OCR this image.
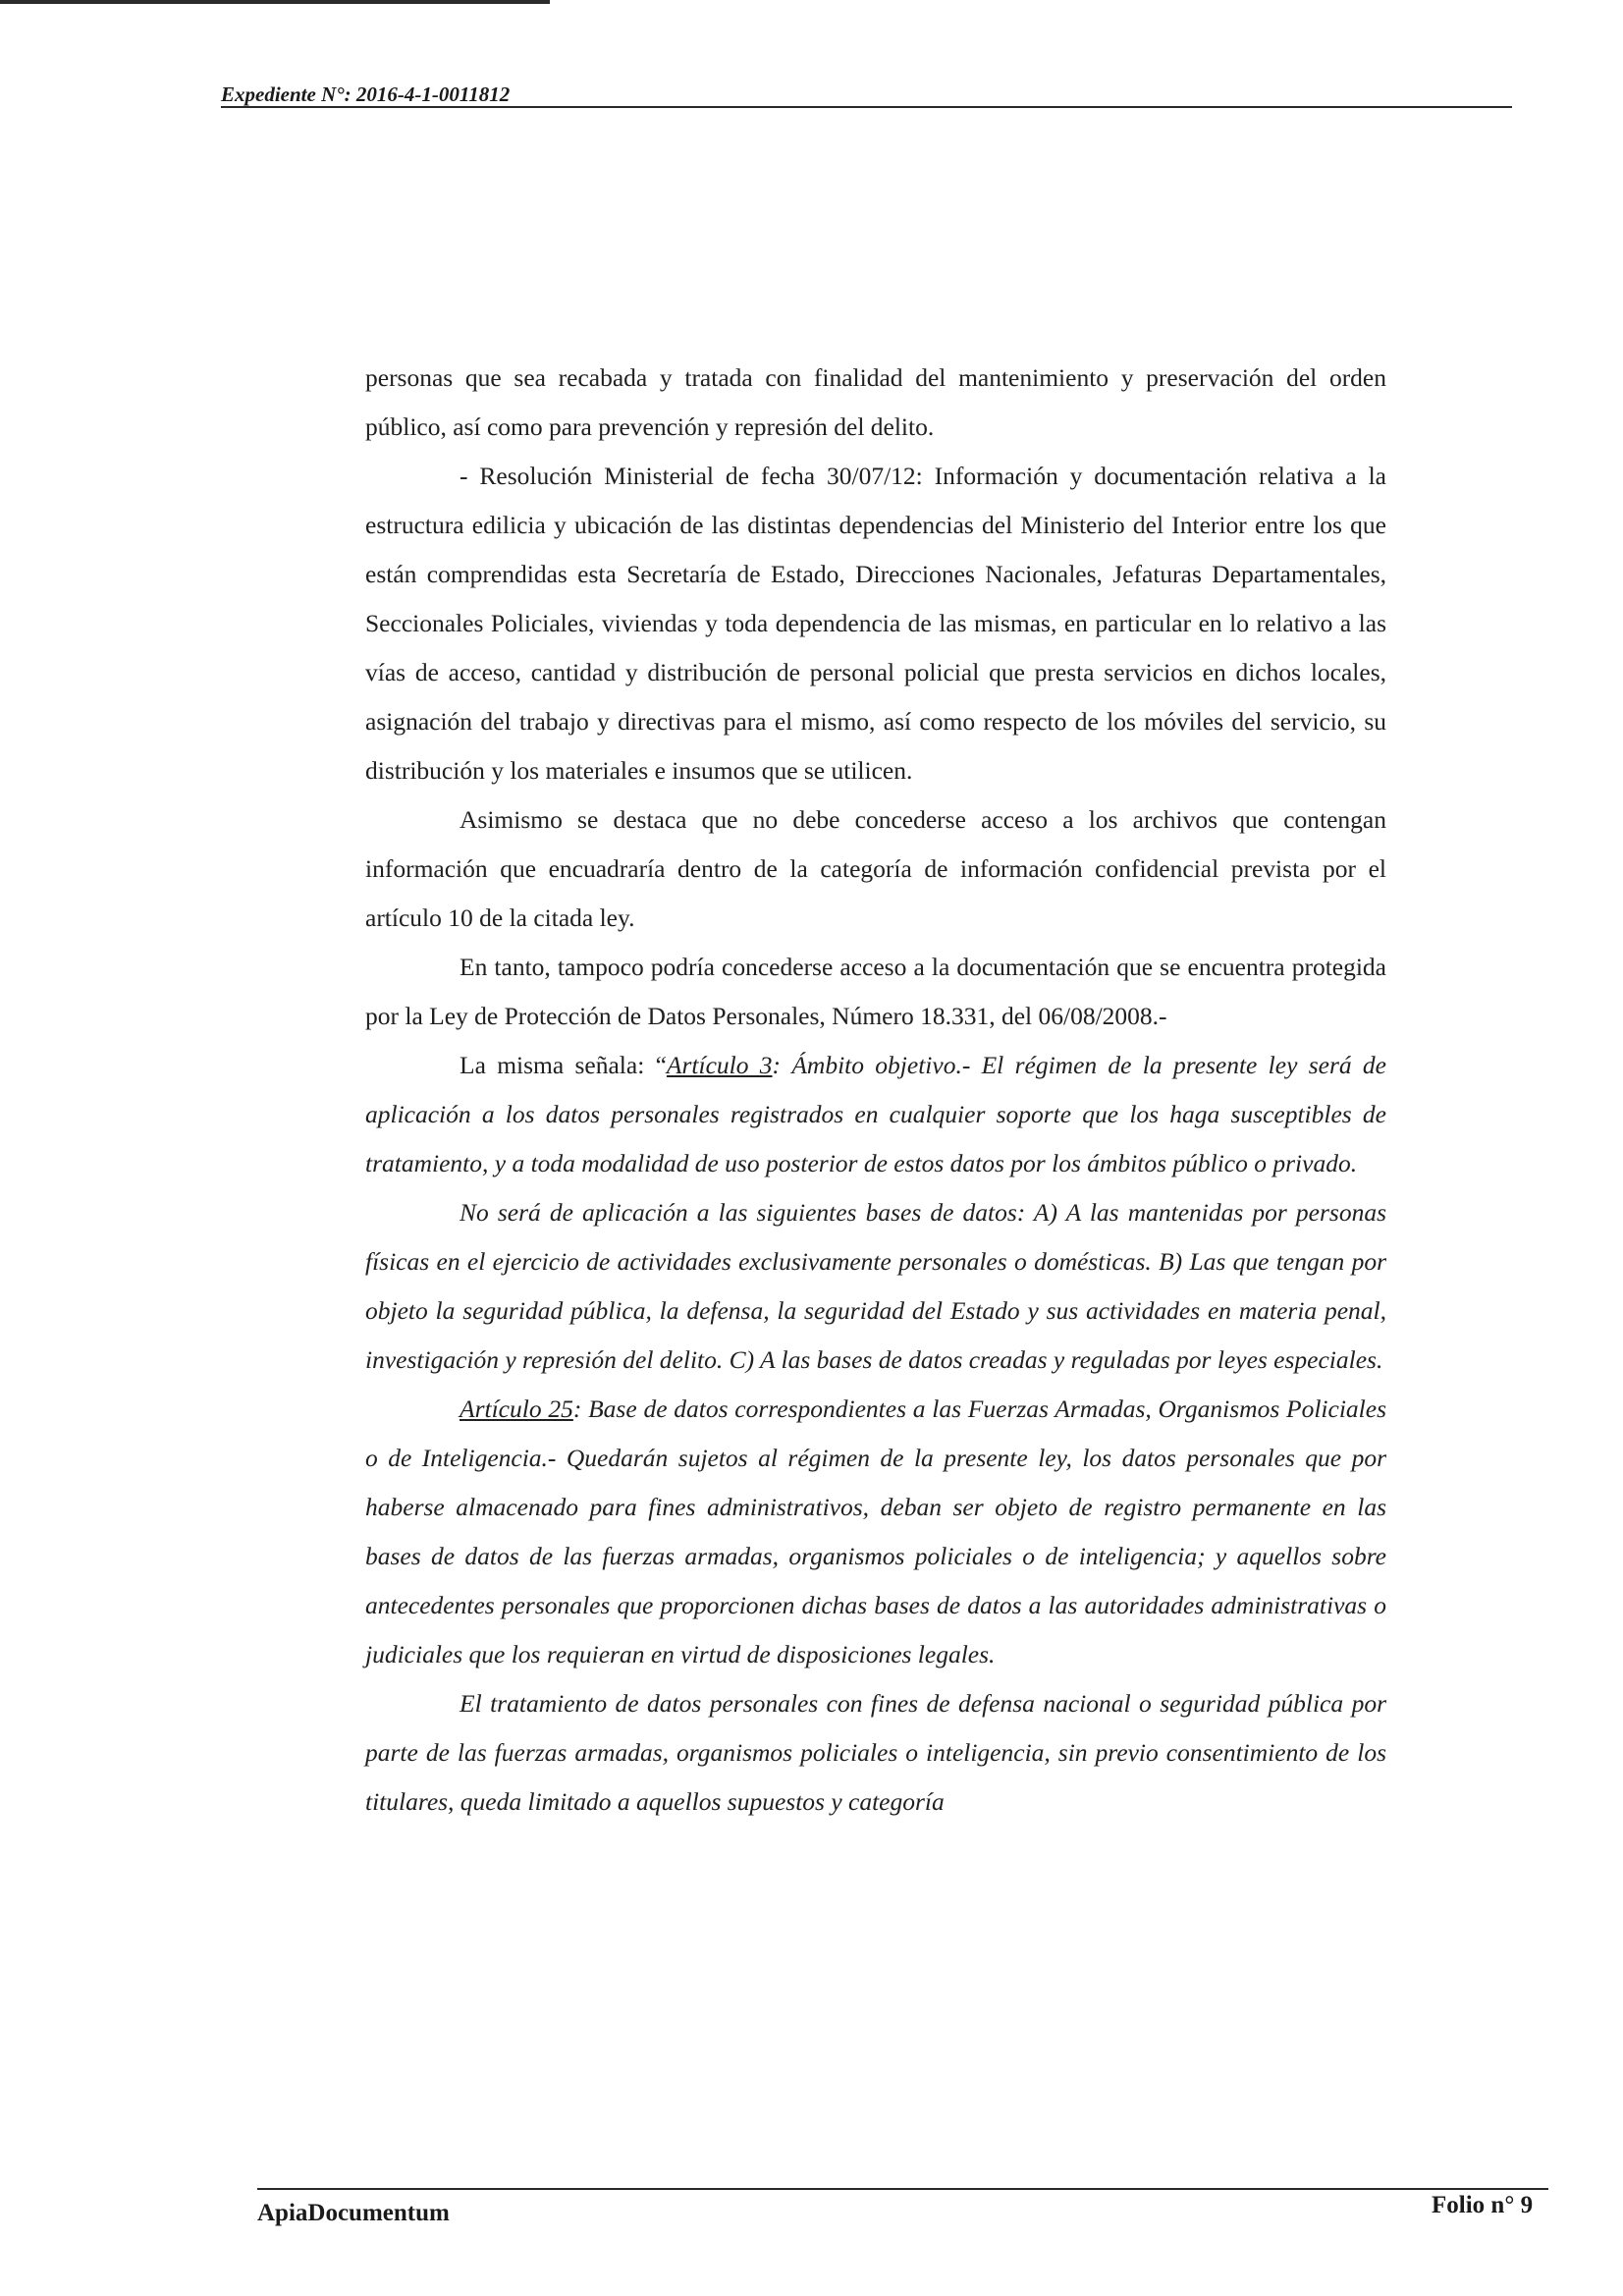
Expediente N°: 2016-4-1-0011812

personas que sea recabada y tratada con finalidad del mantenimiento y preservación del orden público, así como para prevención y represión del delito.

- Resolución Ministerial de fecha 30/07/12: Información y documentación relativa a la estructura edilicia y ubicación de las distintas dependencias del Ministerio del Interior entre los que están comprendidas esta Secretaría de Estado, Direcciones Nacionales, Jefaturas Departamentales, Seccionales Policiales, viviendas y toda dependencia de las mismas, en particular en lo relativo a las vías de acceso, cantidad y distribución de personal policial que presta servicios en dichos locales, asignación del trabajo y directivas para el mismo, así como respecto de los móviles del servicio, su distribución y los materiales e insumos que se utilicen.

Asimismo se destaca que no debe concederse acceso a los archivos que contengan información que encuadraría dentro de la categoría de información confidencial prevista por el artículo 10 de la citada ley.

En tanto, tampoco podría concederse acceso a la documentación que se encuentra protegida por la Ley de Protección de Datos Personales, Número 18.331, del 06/08/2008.-

La misma señala: “Artículo 3: Ámbito objetivo.- El régimen de la presente ley será de aplicación a los datos personales registrados en cualquier soporte que los haga susceptibles de tratamiento, y a toda modalidad de uso posterior de estos datos por los ámbitos público o privado.

No será de aplicación a las siguientes bases de datos: A) A las mantenidas por personas físicas en el ejercicio de actividades exclusivamente personales o domésticas. B) Las que tengan por objeto la seguridad pública, la defensa, la seguridad del Estado y sus actividades en materia penal, investigación y represión del delito. C) A las bases de datos creadas y reguladas por leyes especiales.

Artículo 25: Base de datos correspondientes a las Fuerzas Armadas, Organismos Policiales o de Inteligencia.- Quedarán sujetos al régimen de la presente ley, los datos personales que por haberse almacenado para fines administrativos, deban ser objeto de registro permanente en las bases de datos de las fuerzas armadas, organismos policiales o de inteligencia; y aquellos sobre antecedentes personales que proporcionen dichas bases de datos a las autoridades administrativas o judiciales que los requieran en virtud de disposiciones legales.

El tratamiento de datos personales con fines de defensa nacional o seguridad pública por parte de las fuerzas armadas, organismos policiales o inteligencia, sin previo consentimiento de los titulares, queda limitado a aquellos supuestos y categoría

ApiaDocumentum	Folio n° 9
